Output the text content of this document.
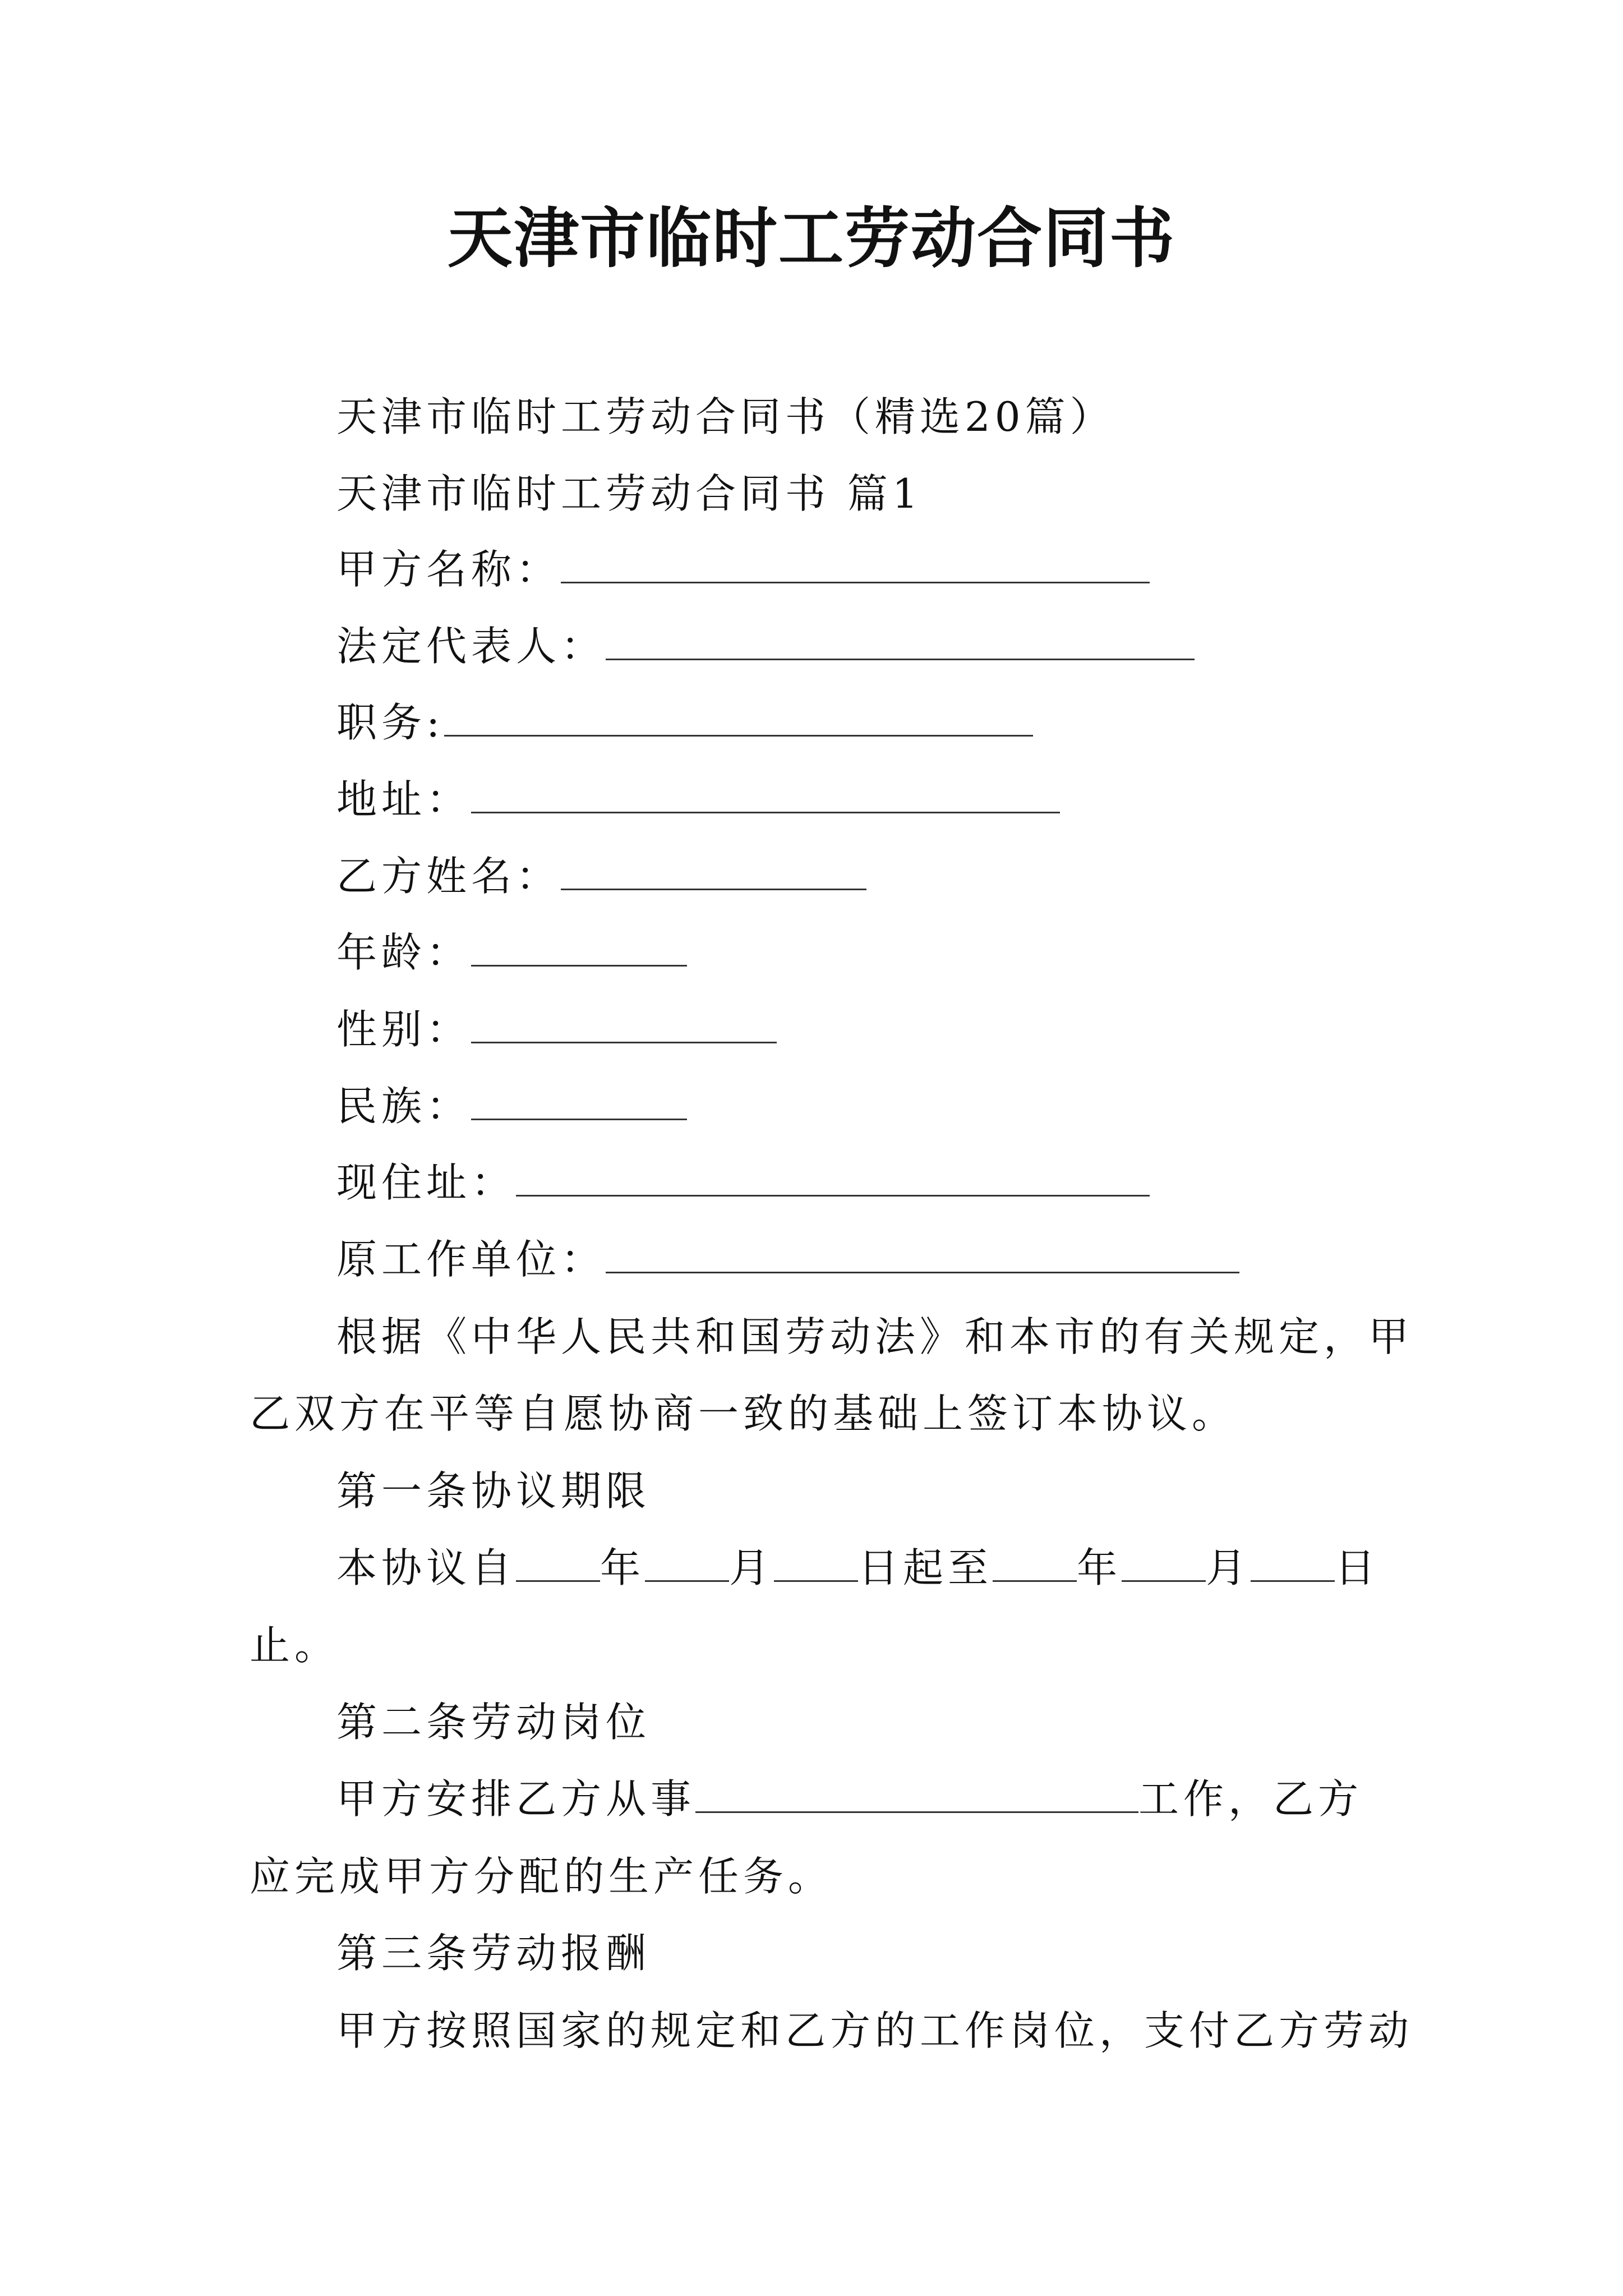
天津市临时工劳动合同书
天津市临时工劳动合同书（精选20篇）
天津市临时工劳动合同书 篇1
甲方名称：
法定代表人：
职务:
地址：
乙方姓名：
年龄：
性别：
民族：
现住址：
原工作单位：
根据《中华人民共和国劳动法》和本市的有关规定，甲
乙双方在平等自愿协商一致的基础上签订本协议。
第一条协议期限
本协议自 年 月 日起至 年 月 日
止。
第二条劳动岗位
甲方安排乙方从事	工作，乙方
应完成甲方分配的生产任务。
第三条劳动报酬
甲方按照国家的规定和乙方的工作岗位，支付乙方劳动
